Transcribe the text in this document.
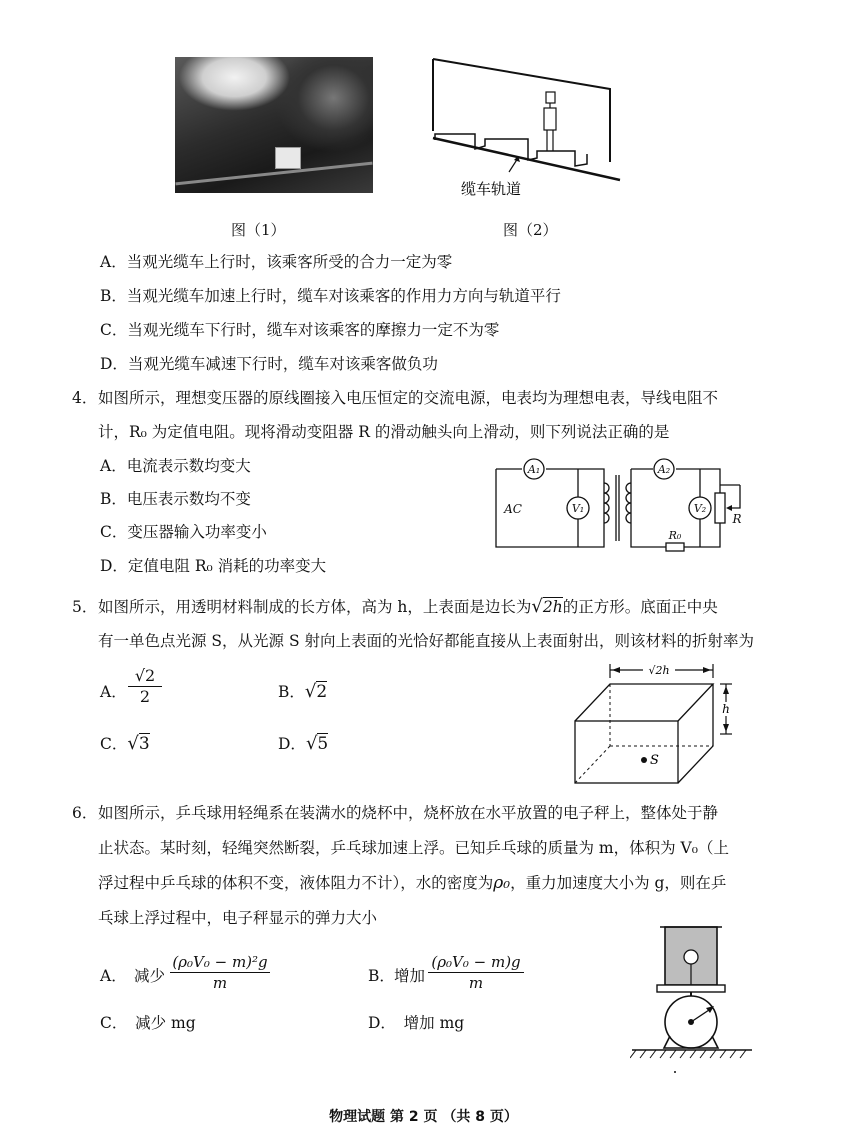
图（1）
缆车轨道
图（2）
A．当观光缆车上行时，该乘客所受的合力一定为零
B．当观光缆车加速上行时，缆车对该乘客的作用力方向与轨道平行
C．当观光缆车下行时，缆车对该乘客的摩擦力一定不为零
D．当观光缆车减速下行时，缆车对该乘客做负功
4． 如图所示，理想变压器的原线圈接入电压恒定的交流电源，电表均为理想电表，导线电阻不
计，R₀ 为定值电阻。现将滑动变阻器 R 的滑动触头向上滑动，则下列说法正确的是
A．电流表示数均变大
B．电压表示数均不变
C．变压器输入功率变小
D．定值电阻 R₀ 消耗的功率变大
A₁
V₁
A₂
V₂
AC
R₀
R
5． 如图所示，用透明材料制成的长方体，高为 h，上表面是边长为√2h的正方形。底面正中央
有一单色点光源 S，从光源 S 射向上表面的光恰好都能直接从上表面射出，则该材料的折射率为
A． $\frac{√2}{2}$	B．√2
C．√3	D．√5
√2h
h
S
6． 如图所示，乒乓球用轻绳系在装满水的烧杯中，烧杯放在水平放置的电子秤上，整体处于静
止状态。某时刻，轻绳突然断裂，乒乓球加速上浮。已知乒乓球的质量为 m，体积为 V₀（上
浮过程中乒乓球的体积不变，液体阻力不计），水的密度为ρ₀，重力加速度大小为 g，则在乒
乓球上浮过程中，电子秤显示的弹力大小
A． 减少 $\frac{\text{(ρ₀V₀ − m)²g}}{m}$	B． 增加 $\frac{\text{(ρ₀V₀ − m)g}}{m}$
C．　减少 mg	D．　增加 mg
物理试题 第 2 页 （共 8 页）
